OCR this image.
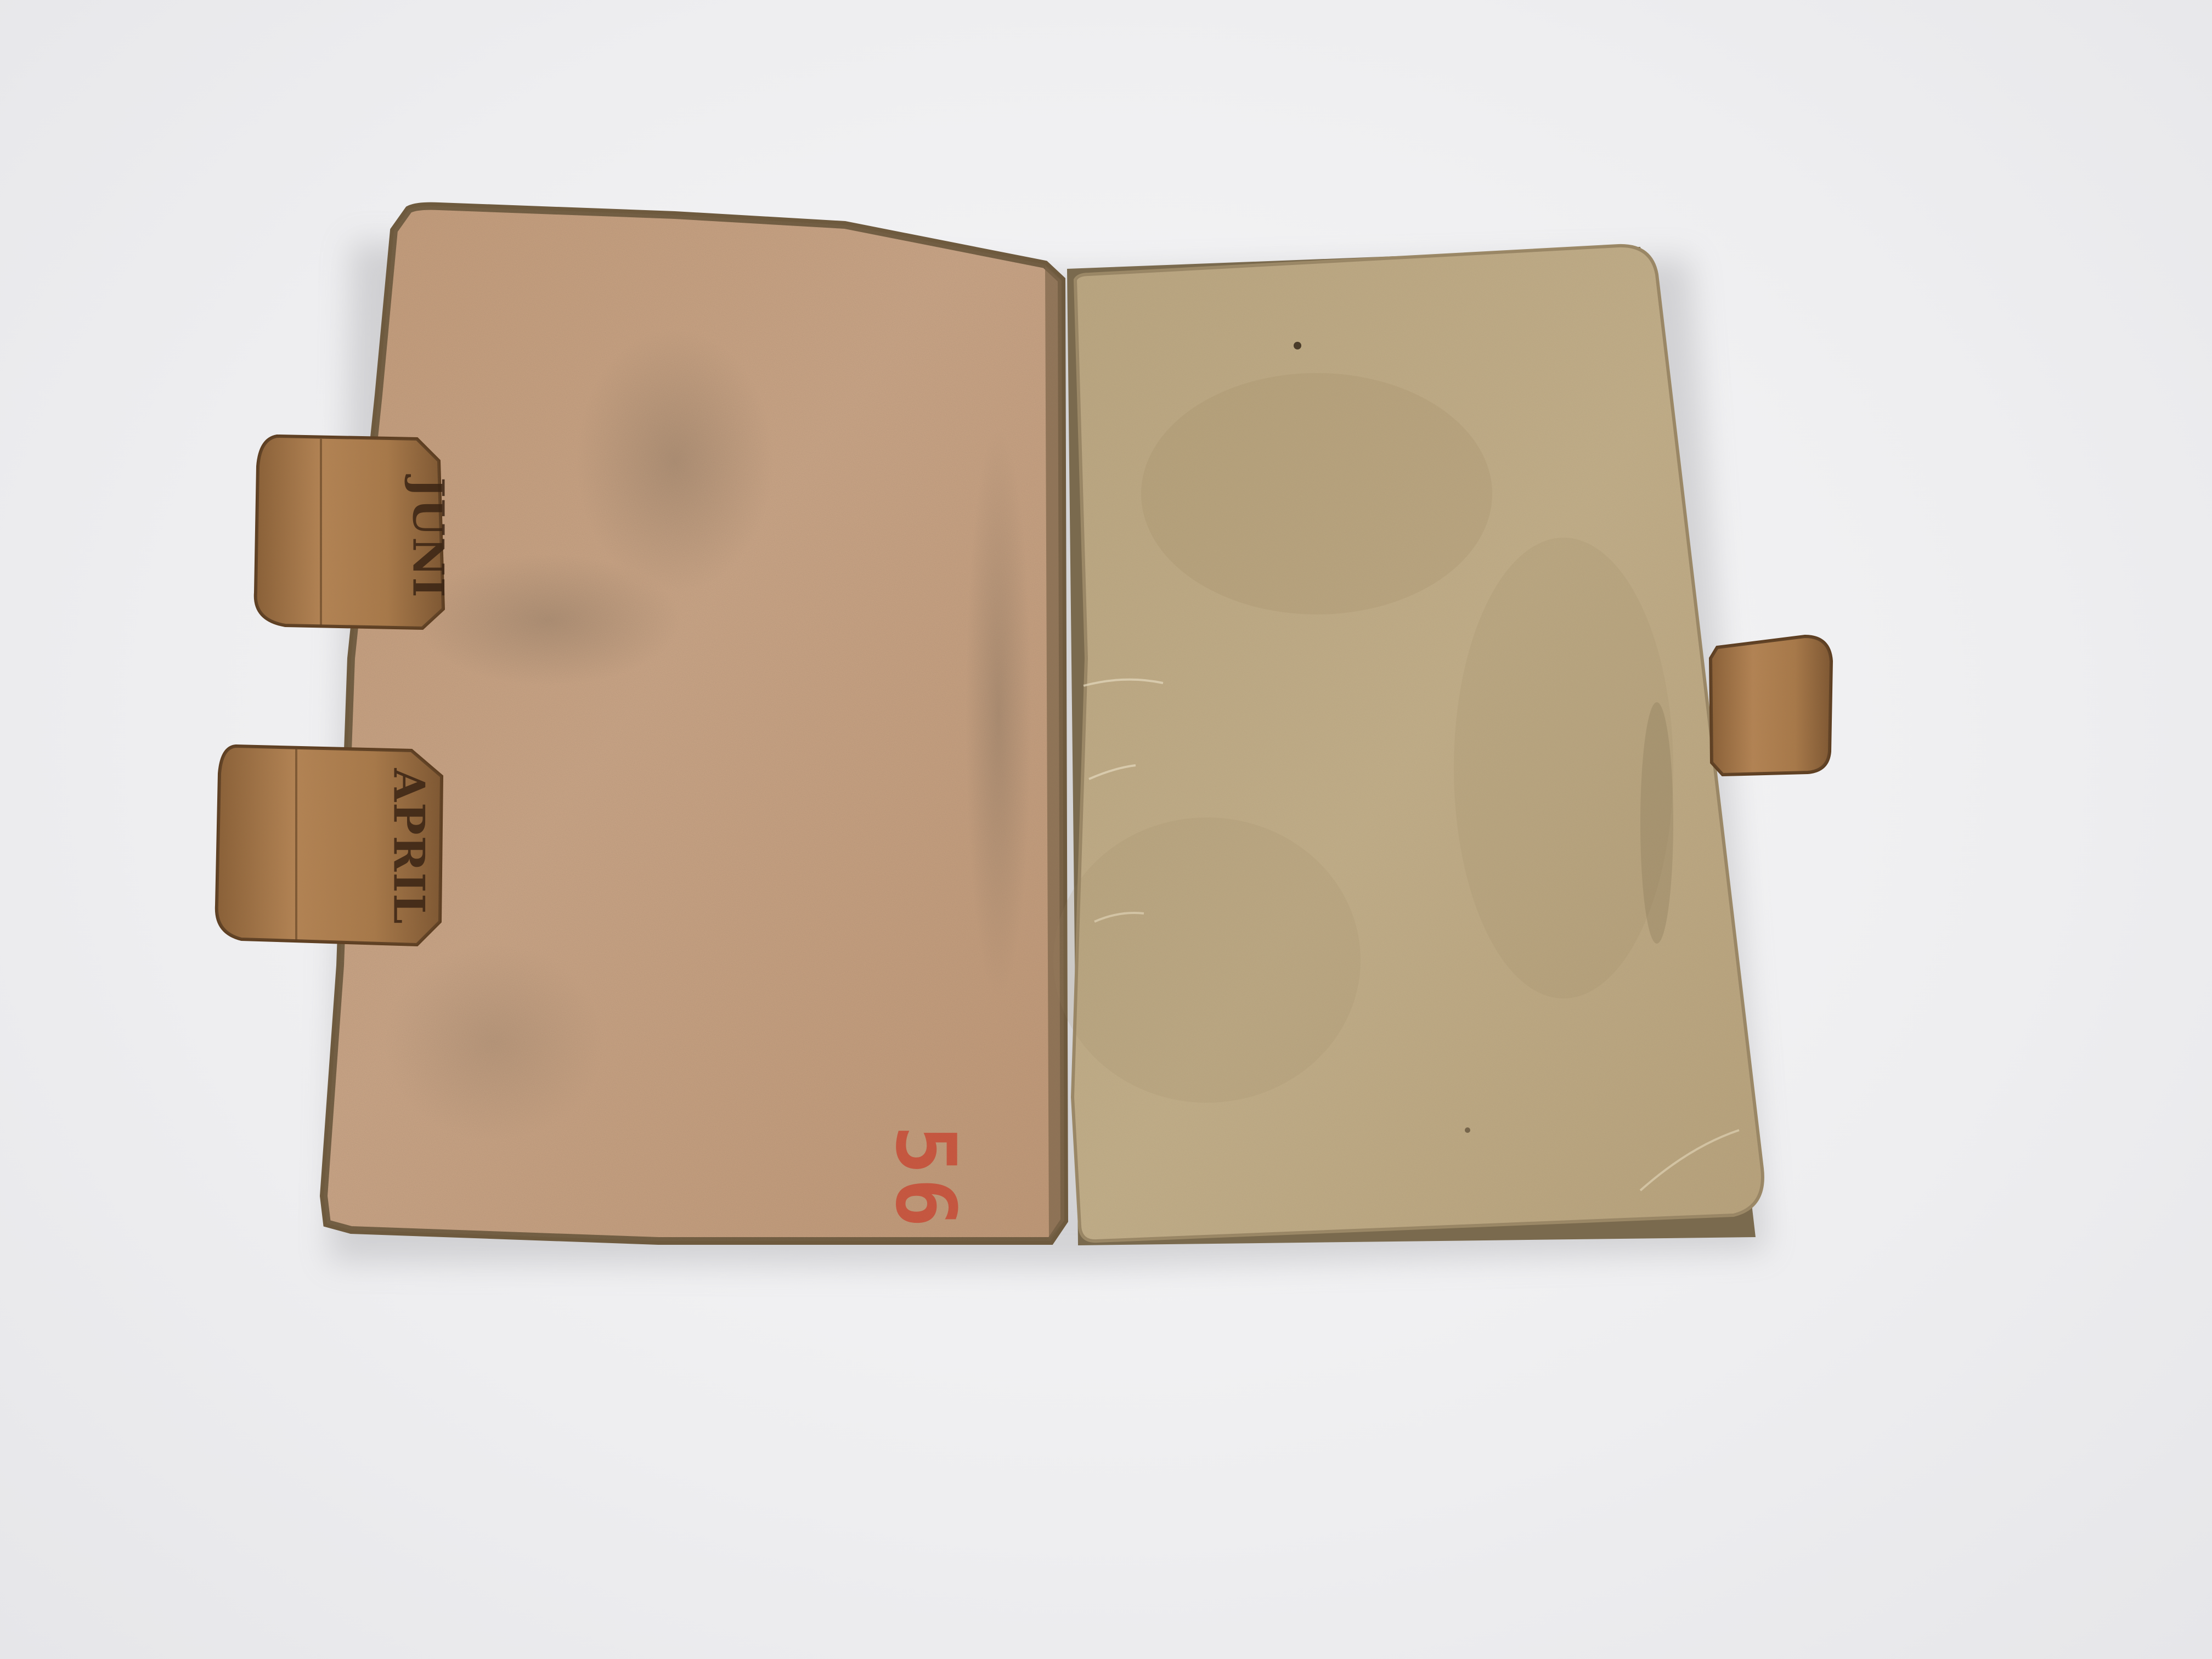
JUNI
APRIL
56
